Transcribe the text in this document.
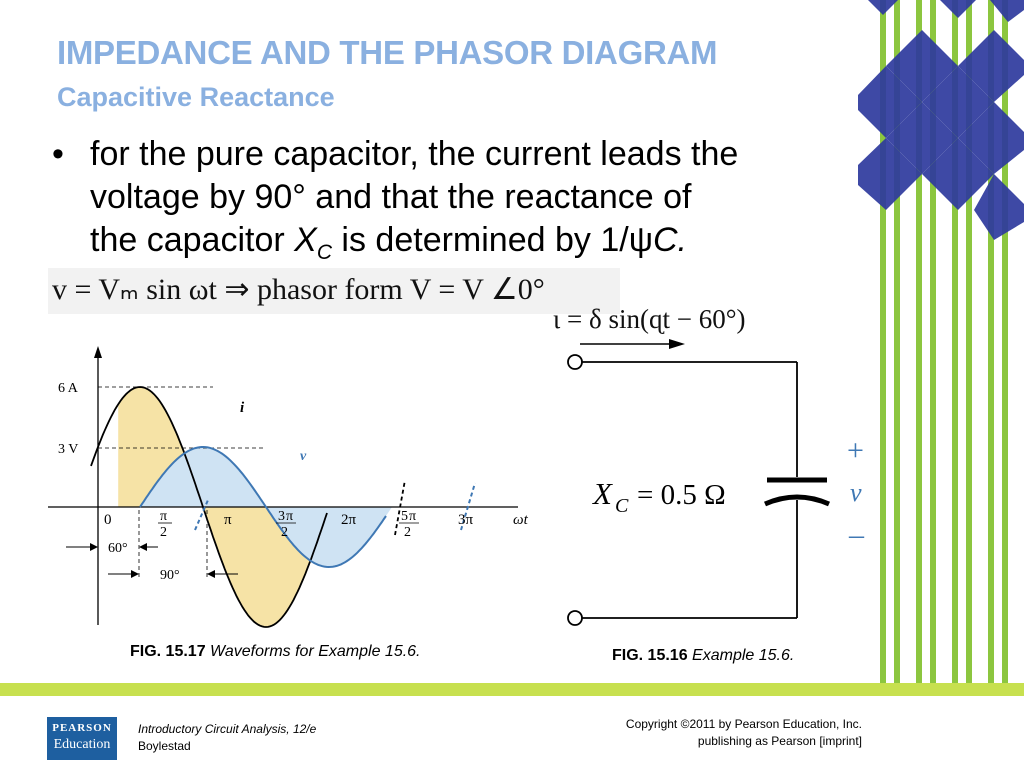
IMPEDANCE AND THE PHASOR DIAGRAM
Capacitive Reactance
• for the pure capacitor, the current leads the
voltage by 90° and that the reactance of
the capacitor $X_C$ is determined by 1/ψC.
v = Vₘ sin ωt ⇒ phasor form V = V ∠0°
6 A
3 V
i
v
0	π
2
π	3 π
2
2π	5 π
2
3π	ωt
60°
90°
X C = 0.5 Ω
+
v
–
ι = δ sin(ɋt − 60°)
FIG. 15.17 Waveforms for Example 15.6.	FIG. 15.16 Example 15.6.
PEARSON
Education
Introductory Circuit Analysis, 12/e
Boylestad
Copyright ©2011 by Pearson Education, Inc.
publishing as Pearson [imprint]
